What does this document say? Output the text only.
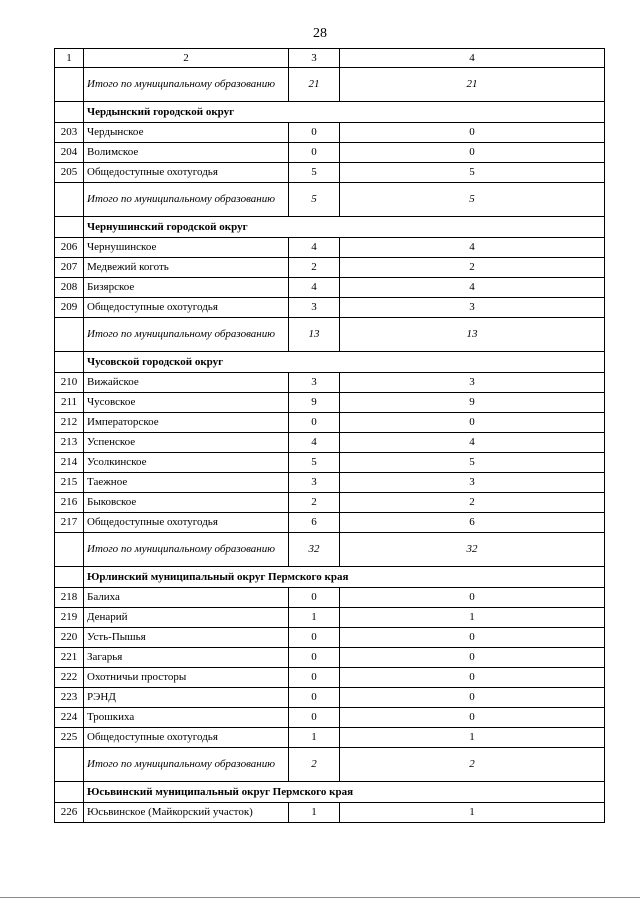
28
1	2	3	4
	Итого по муниципальному образованию	21	21
	Чердынский городской округ		
203	Чердынское	0	0
204	Волимское	0	0
205	Общедоступные охотугодья	5	5
	Итого по муниципальному образованию	5	5
	Чернушинский городской округ		
206	Чернушинское	4	4
207	Медвежий коготь	2	2
208	Бизярское	4	4
209	Общедоступные охотугодья	3	3
	Итого по муниципальному образованию	13	13
	Чусовской городской округ		
210	Вижайское	3	3
211	Чусовское	9	9
212	Императорское	0	0
213	Успенское	4	4
214	Усолкинское	5	5
215	Таежное	3	3
216	Быковское	2	2
217	Общедоступные охотугодья	6	6
	Итого по муниципальному образованию	32	32
	Юрлинский муниципальный округ Пермского края		
218	Балиха	0	0
219	Денарий	1	1
220	Усть-Пышья	0	0
221	Загарья	0	0
222	Охотничьи просторы	0	0
223	РЭНД	0	0
224	Трошкиха	0	0
225	Общедоступные охотугодья	1	1
	Итого по муниципальному образованию	2	2
	Юсьвинский муниципальный округ Пермского края		
226	Юсьвинское (Майкорский участок)	1	1
